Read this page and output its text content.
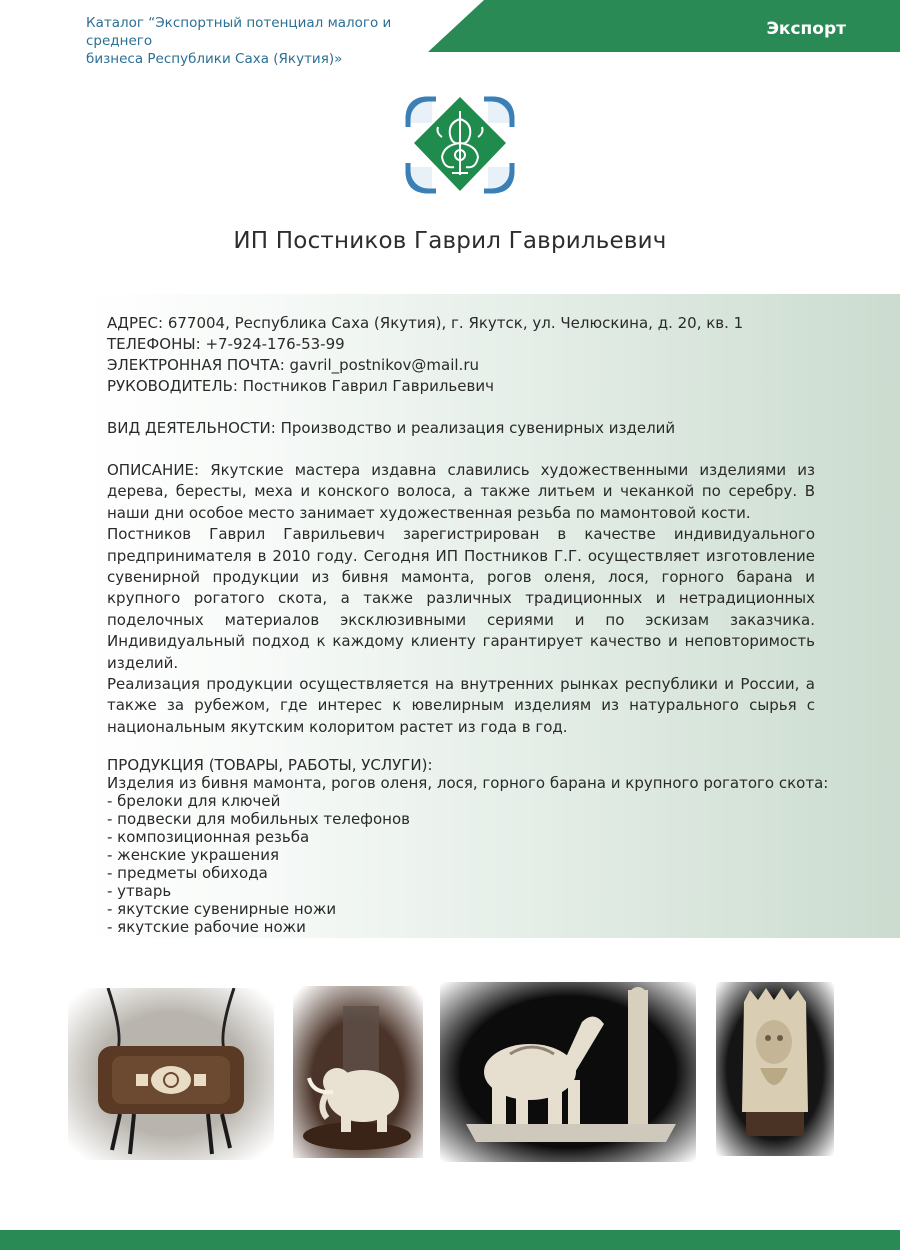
Каталог “Экспортный потенциал малого и среднего
бизнеса Республики Саха (Якутия)»
Экспорт
ИП Постников Гаврил Гаврильевич
АДРЕС: 677004, Республика Саха (Якутия), г. Якутск, ул. Челюскина, д. 20, кв. 1
ТЕЛЕФОНЫ: +7-924-176-53-99
ЭЛЕКТРОННАЯ ПОЧТА: gavril_postnikov@mail.ru
РУКОВОДИТЕЛЬ: Постников Гаврил Гаврильевич
ВИД ДЕЯТЕЛЬНОСТИ: Производство и реализация сувенирных изделий
ОПИСАНИЕ: Якутские мастера издавна славились художественными изделиями из дерева, бересты, меха и конского волоса, а также литьем и чеканкой по серебру. В наши дни особое место занимает художественная резьба по мамонтовой кости.
Постников Гаврил Гаврильевич зарегистрирован в качестве индивидуального предпринимателя в 2010 году. Сегодня ИП Постников Г.Г. осуществляет изготовление сувенирной продукции из бивня мамонта, рогов оленя, лося, горного барана и крупного рогатого скота, а также различных традиционных и нетрадиционных поделочных материалов эксклюзивными сериями и по эскизам заказчика. Индивидуальный подход к каждому клиенту гарантирует качество и неповторимость изделий.
Реализация продукции осуществляется на внутренних рынках республики и России, а также за рубежом, где интерес к ювелирным изделиям из натурального сырья с национальным якутским колоритом растет из года в год.
ПРОДУКЦИЯ (ТОВАРЫ, РАБОТЫ, УСЛУГИ):
Изделия из бивня мамонта, рогов оленя, лося, горного барана и крупного рогатого скота:
- брелоки для ключей
- подвески для мобильных телефонов
- композиционная резьба
- женские украшения
- предметы обихода
- утварь
- якутские сувенирные ножи
- якутские рабочие ножи
